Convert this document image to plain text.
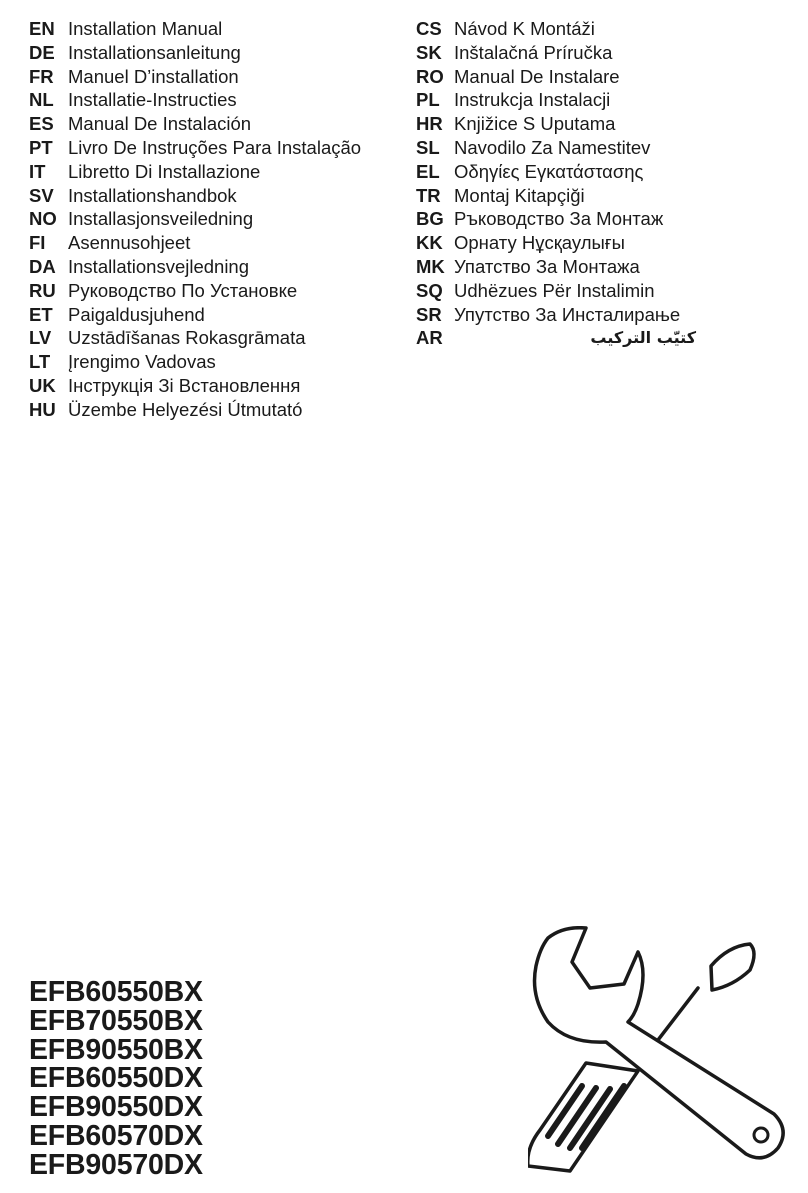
EN Installation Manual
DE Installationsanleitung
FR Manuel D’installation
NL Installatie-Instructies
ES Manual De Instalación
PT Livro De Instruções Para Instalação
IT Libretto Di Installazione
SV Installationshandbok
NO Installasjonsveiledning
FI Asennusohjeet
DA Installationsvejledning
RU Руководство По Установке
ET Paigaldusjuhend
LV Uzstādīšanas Rokasgrāmata
LT Įrengimo Vadovas
UK Інструкція Зі Встановлення
HU Üzembe Helyezési Útmutató
CS Návod K Montáži
SK Inštalačná Príručka
RO Manual De Instalare
PL Instrukcja Instalacji
HR Knjižice S Uputama
SL Navodilo Za Namestitev
EL Οδηγίες Εγκατάστασης
TR Montaj Kitapçiği
BG Ръководство За Монтаж
KK Орнату Нұсқаулығы
MK Упатство За Монтажа
SQ Udhëzues Për Instalimin
SR Упутство За Инсталирање
AR	كتيّب التركيب
EFB60550BX
EFB70550BX
EFB90550BX
EFB60550DX
EFB90550DX
EFB60570DX
EFB90570DX
